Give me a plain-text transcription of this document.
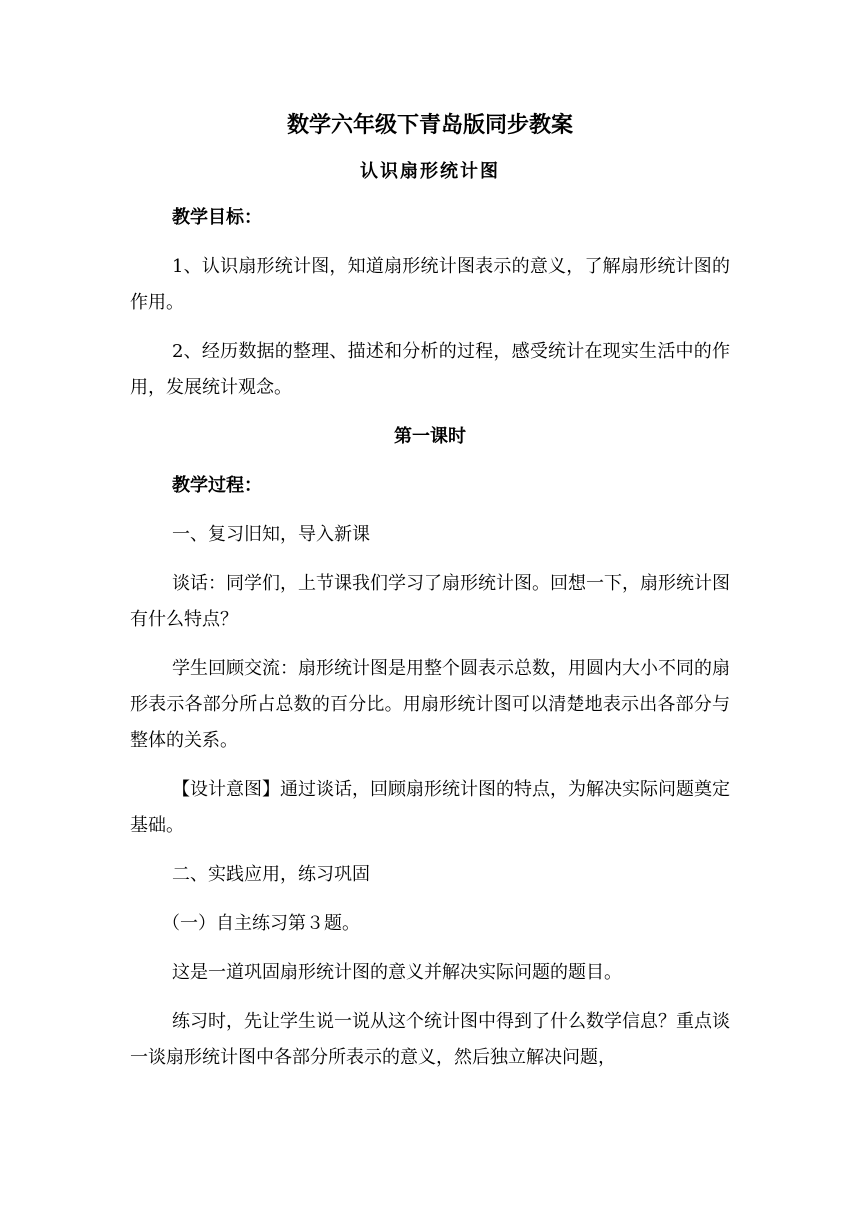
数学六年级下青岛版同步教案
认识扇形统计图

教学目标：

1、认识扇形统计图，知道扇形统计图表示的意义，了解扇形统计图的作用。

2、经历数据的整理、描述和分析的过程，感受统计在现实生活中的作用，发展统计观念。

第一课时

教学过程：

一、复习旧知，导入新课

谈话：同学们，上节课我们学习了扇形统计图。回想一下，扇形统计图有什么特点？

学生回顾交流：扇形统计图是用整个圆表示总数，用圆内大小不同的扇形表示各部分所占总数的百分比。用扇形统计图可以清楚地表示出各部分与整体的关系。

【设计意图】通过谈话，回顾扇形统计图的特点，为解决实际问题奠定基础。

二、实践应用，练习巩固

（一）自主练习第３题。

这是一道巩固扇形统计图的意义并解决实际问题的题目。

练习时，先让学生说一说从这个统计图中得到了什么数学信息？重点谈一谈扇形统计图中各部分所表示的意义，然后独立解决问题，
